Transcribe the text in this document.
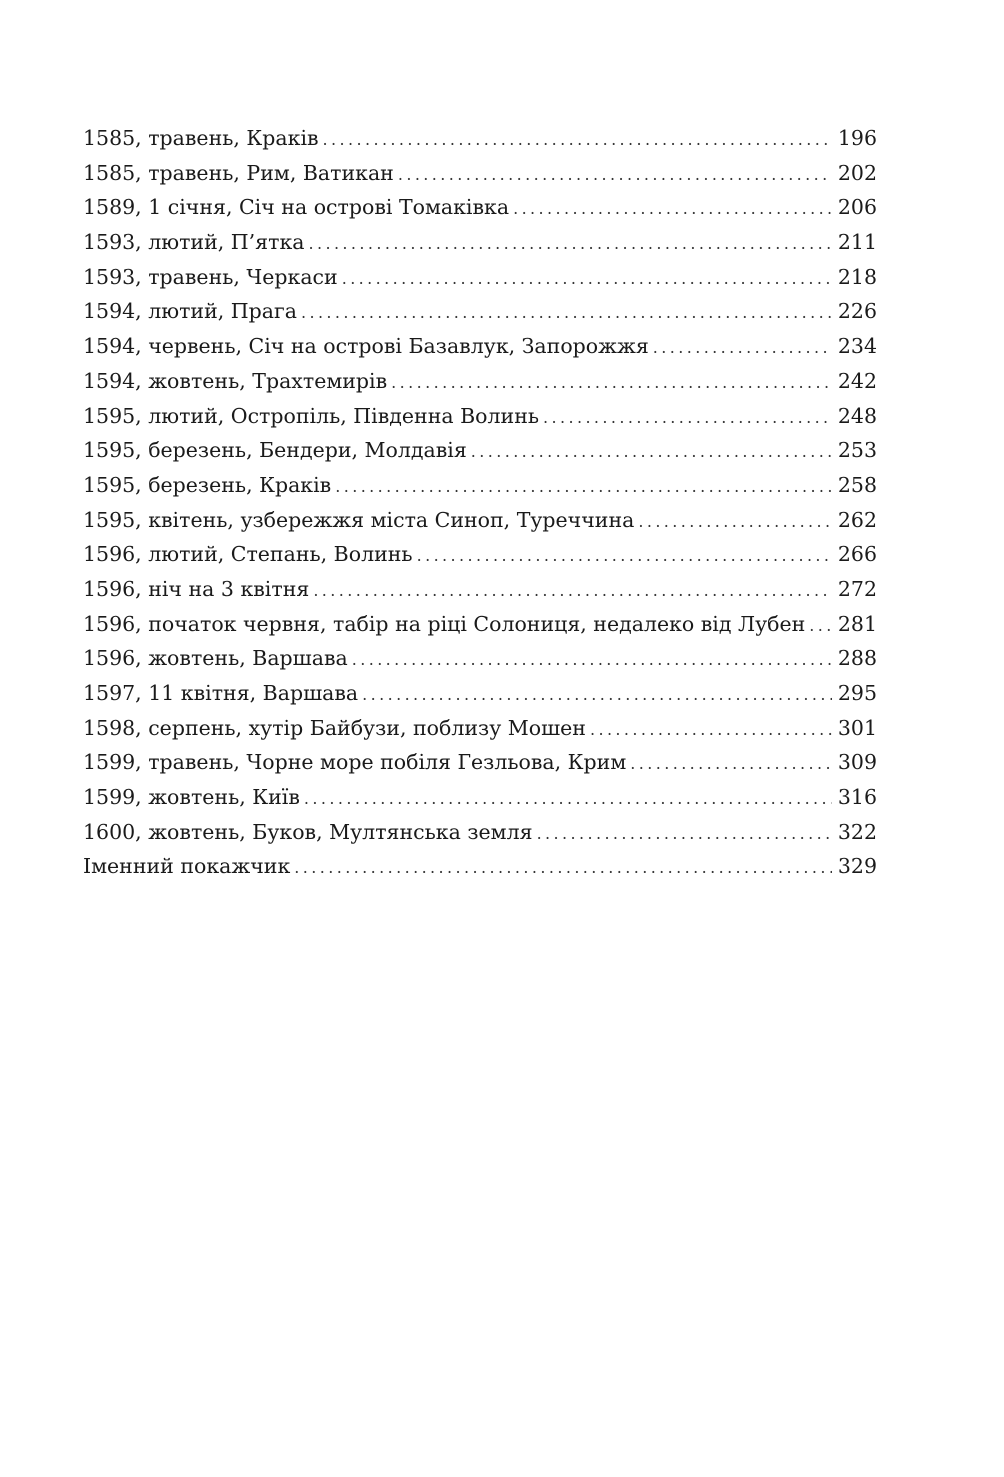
1585, травень, Краків .....	196
1585, травень, Рим, Ватикан .....	202
1589, 1 січня, Січ на острові Томаківка .....	206
1593, лютий, П’ятка .....	211
1593, травень, Черкаси .....	218
1594, лютий, Прага .....	226
1594, червень, Січ на острові Базавлук, Запорожжя .....	234
1594, жовтень, Трахтемирів .....	242
1595, лютий, Остропіль, Південна Волинь .....	248
1595, березень, Бендери, Молдавія .....	253
1595, березень, Краків .....	258
1595, квітень, узбережжя міста Синоп, Туреччина .....	262
1596, лютий, Степань, Волинь .....	266
1596, ніч на 3 квітня .....	272
1596, початок червня, табір на ріці Солониця, недалеко від Лубен ..... 281
1596, жовтень, Варшава .....	288
1597, 11 квітня, Варшава .....	295
1598, серпень, хутір Байбузи, поблизу Мошен .....	301
1599, травень, Чорне море побіля Гезльова, Крим .....	309
1599, жовтень, Київ .....	316
1600, жовтень, Буков, Мултянська земля .....	322
Іменний покажчик .....	329
